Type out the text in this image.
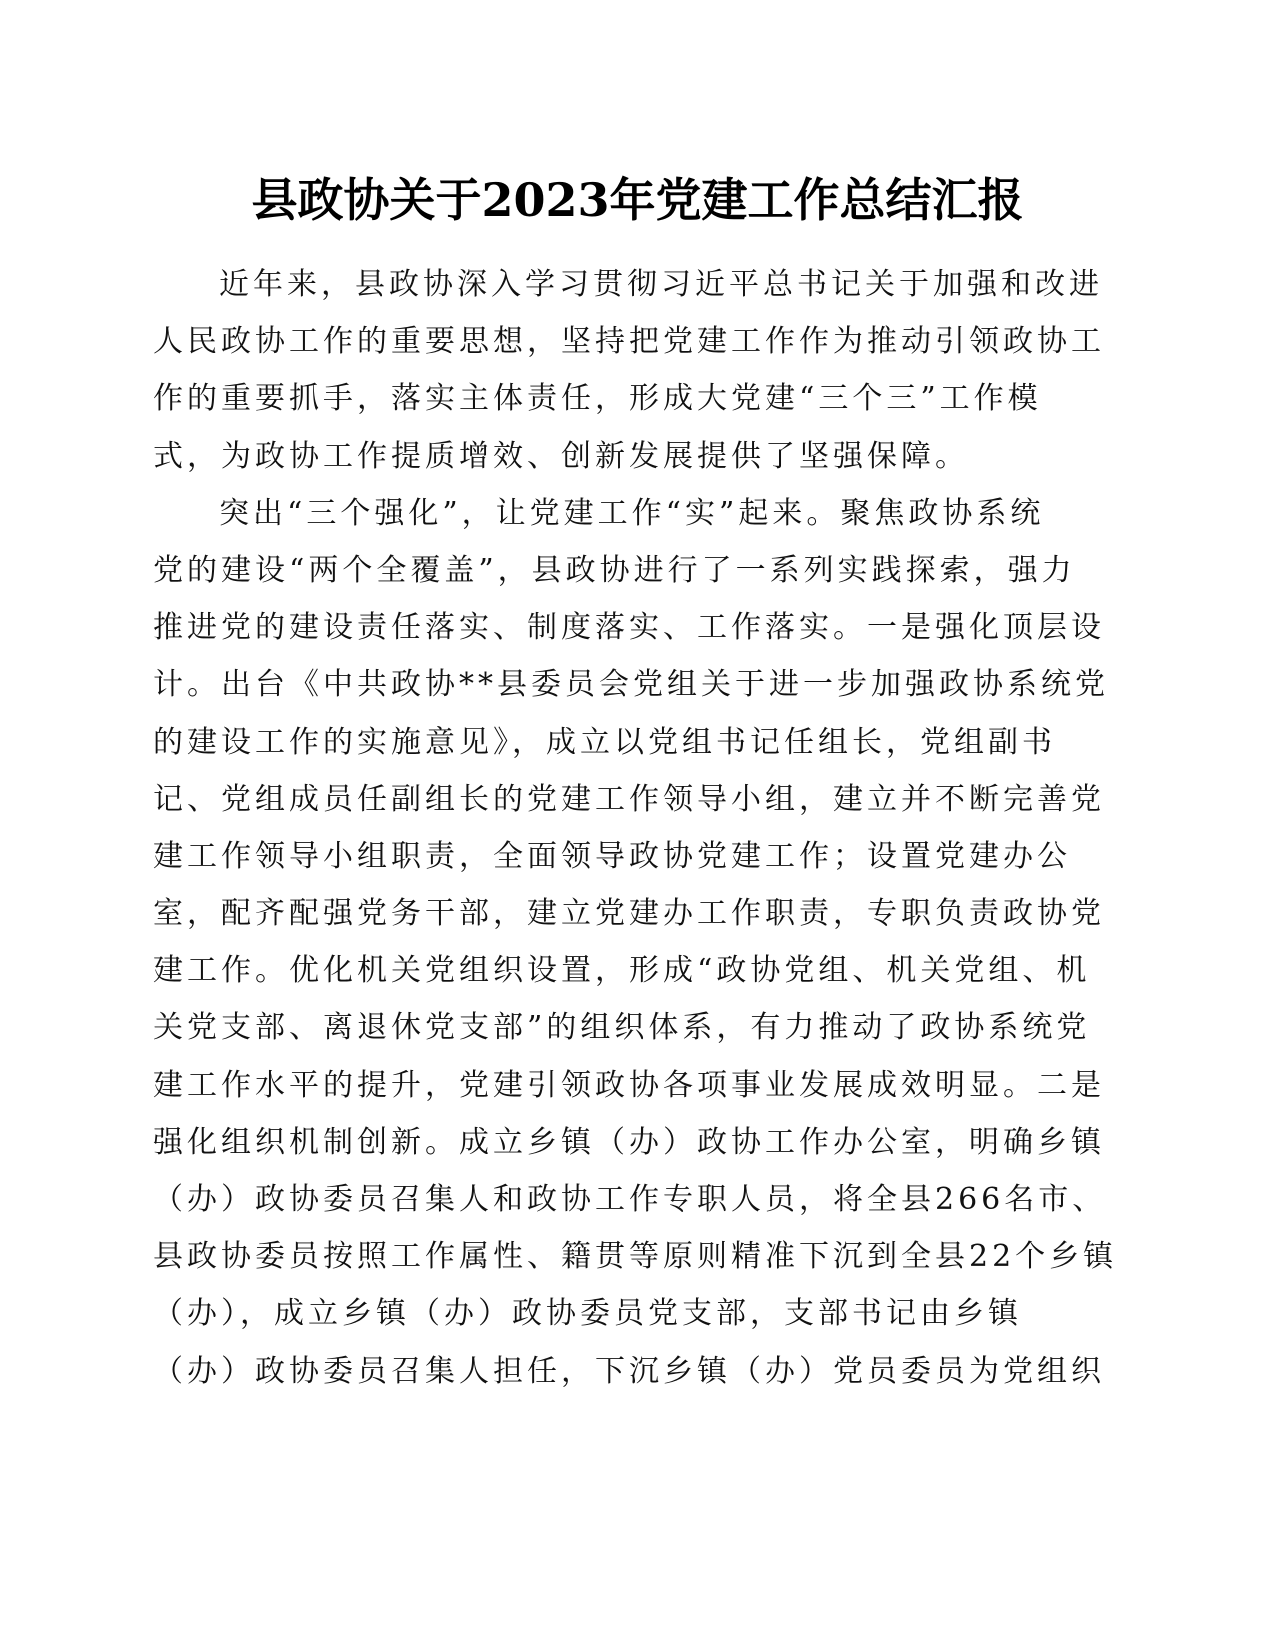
县政协关于2023年党建工作总结汇报
近年来，县政协深入学习贯彻习近平总书记关于加强和改进
人民政协工作的重要思想，坚持把党建工作作为推动引领政协工
作的重要抓手，落实主体责任，形成大党建“三个三”工作模
式，为政协工作提质增效、创新发展提供了坚强保障。
突出“三个强化”，让党建工作“实”起来。聚焦政协系统
党的建设“两个全覆盖”，县政协进行了一系列实践探索，强力
推进党的建设责任落实、制度落实、工作落实。一是强化顶层设
计。出台《中共政协**县委员会党组关于进一步加强政协系统党
的建设工作的实施意见》，成立以党组书记任组长，党组副书
记、党组成员任副组长的党建工作领导小组，建立并不断完善党
建工作领导小组职责，全面领导政协党建工作；设置党建办公
室，配齐配强党务干部，建立党建办工作职责，专职负责政协党
建工作。优化机关党组织设置，形成“政协党组、机关党组、机
关党支部、离退休党支部”的组织体系，有力推动了政协系统党
建工作水平的提升，党建引领政协各项事业发展成效明显。二是
强化组织机制创新。成立乡镇（办）政协工作办公室，明确乡镇
（办）政协委员召集人和政协工作专职人员，将全县266名市、
县政协委员按照工作属性、籍贯等原则精准下沉到全县22个乡镇
（办），成立乡镇（办）政协委员党支部，支部书记由乡镇
（办）政协委员召集人担任，下沉乡镇（办）党员委员为党组织
